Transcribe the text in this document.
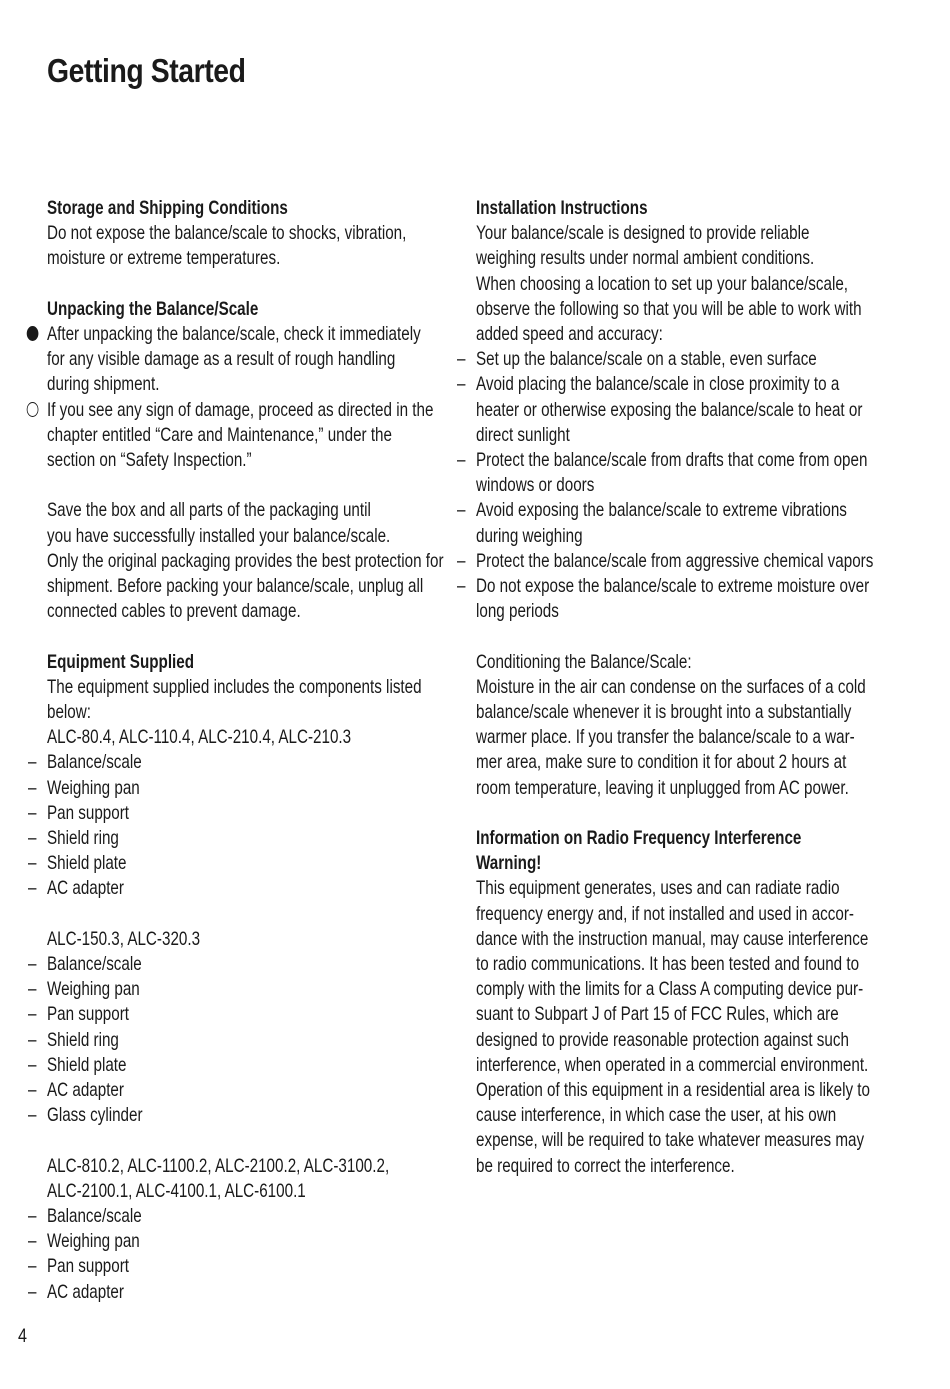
Getting Started
Storage and Shipping Conditions
Do not expose the balance/scale to shocks, vibration,
moisture or extreme temperatures.
Unpacking the Balance/Scale
After unpacking the balance/scale, check it immediately
for any visible damage as a result of rough handling
during shipment.
If you see any sign of damage, proceed as directed in the
chapter entitled “Care and Maintenance,” under the
section on “Safety Inspection.”
Save the box and all parts of the packaging until
you have successfully installed your balance/scale.
Only the original packaging provides the best protection for
shipment. Before packing your balance/scale, unplug all
connected cables to prevent damage.
Equipment Supplied
The equipment supplied includes the components listed
below:
ALC-80.4, ALC-110.4, ALC-210.4, ALC-210.3
– Balance/scale
– Weighing pan
– Pan support
– Shield ring
– Shield plate
– AC adapter
ALC-150.3, ALC-320.3
– Balance/scale
– Weighing pan
– Pan support
– Shield ring
– Shield plate
– AC adapter
– Glass cylinder
ALC-810.2, ALC-1100.2, ALC-2100.2, ALC-3100.2,
ALC-2100.1, ALC-4100.1, ALC-6100.1
– Balance/scale
– Weighing pan
– Pan support
– AC adapter
Installation Instructions
Your balance/scale is designed to provide reliable
weighing results under normal ambient conditions.
When choosing a location to set up your balance/scale,
observe the following so that you will be able to work with
added speed and accuracy:
– Set up the balance/scale on a stable, even surface
– Avoid placing the balance/scale in close proximity to a
heater or otherwise exposing the balance/scale to heat or
direct sunlight
– Protect the balance/scale from drafts that come from open
windows or doors
– Avoid exposing the balance/scale to extreme vibrations
during weighing
– Protect the balance/scale from aggressive chemical vapors
– Do not expose the balance/scale to extreme moisture over
long periods
Conditioning the Balance/Scale:
Moisture in the air can condense on the surfaces of a cold
balance/scale whenever it is brought into a substantially
warmer place. If you transfer the balance/scale to a war-
mer area, make sure to condition it for about 2 hours at
room temperature, leaving it unplugged from AC power.
Information on Radio Frequency Interference
Warning!
This equipment generates, uses and can radiate radio
frequency energy and, if not installed and used in accor-
dance with the instruction manual, may cause interference
to radio communications. It has been tested and found to
comply with the limits for a Class A computing device pur-
suant to Subpart J of Part 15 of FCC Rules, which are
designed to provide reasonable protection against such
interference, when operated in a commercial environment.
Operation of this equipment in a residential area is likely to
cause interference, in which case the user, at his own
expense, will be required to take whatever measures may
be required to correct the interference.
4
